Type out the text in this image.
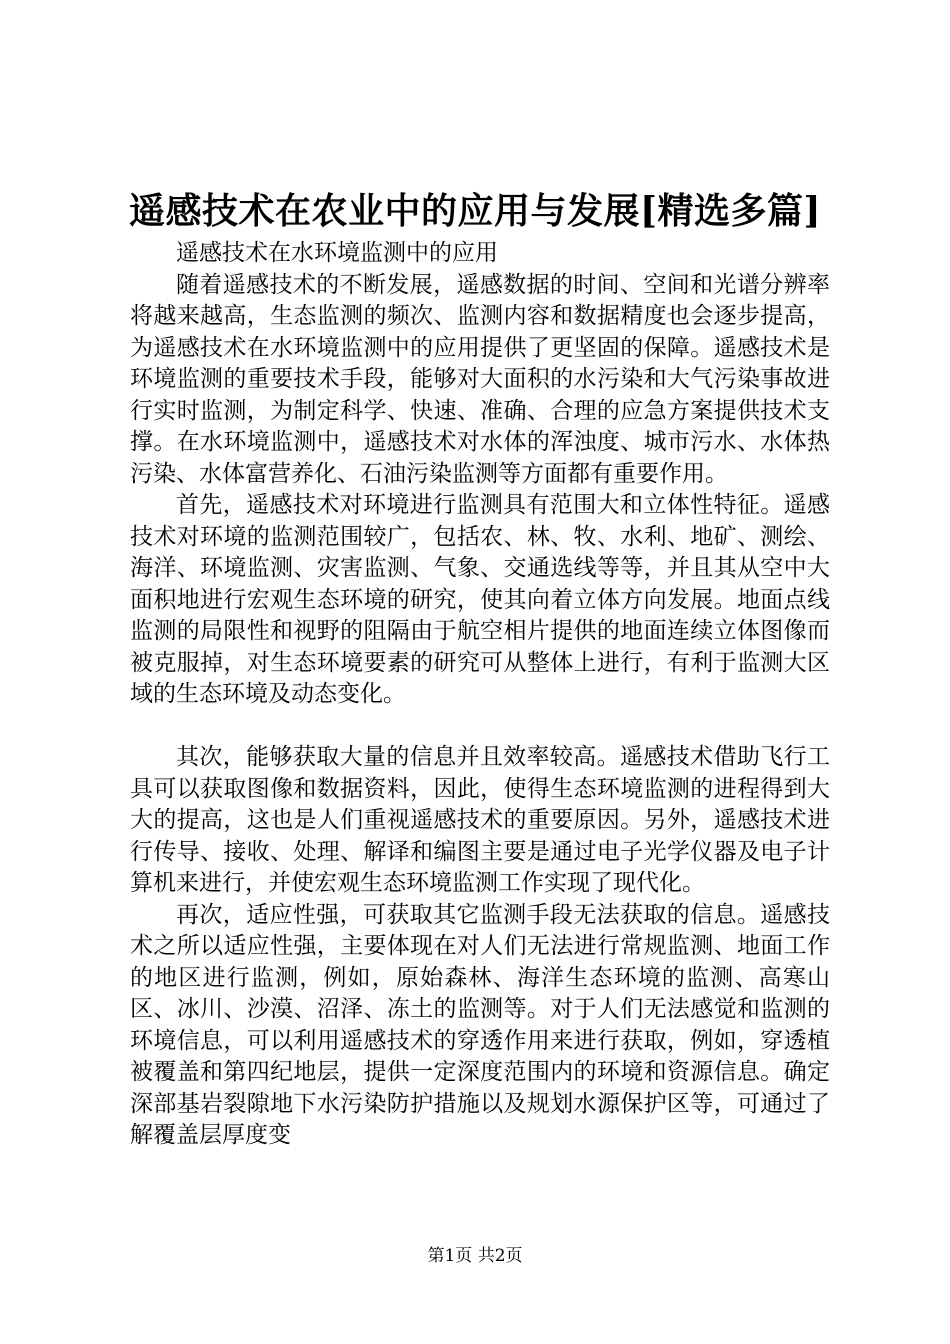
遥感技术在农业中的应用与发展[精选多篇]
遥感技术在水环境监测中的应用

随着遥感技术的不断发展，遥感数据的时间、空间和光谱分辨率将越来越高，生态监测的频次、监测内容和数据精度也会逐步提高，为遥感技术在水环境监测中的应用提供了更坚固的保障。遥感技术是环境监测的重要技术手段，能够对大面积的水污染和大气污染事故进行实时监测，为制定科学、快速、准确、合理的应急方案提供技术支撑。在水环境监测中，遥感技术对水体的浑浊度、城市污水、水体热污染、水体富营养化、石油污染监测等方面都有重要作用。

首先，遥感技术对环境进行监测具有范围大和立体性特征。遥感技术对环境的监测范围较广，包括农、林、牧、水利、地矿、测绘、海洋、环境监测、灾害监测、气象、交通选线等等，并且其从空中大面积地进行宏观生态环境的研究，使其向着立体方向发展。地面点线监测的局限性和视野的阻隔由于航空相片提供的地面连续立体图像而被克服掉，对生态环境要素的研究可从整体上进行，有利于监测大区域的生态环境及动态变化。

其次，能够获取大量的信息并且效率较高。遥感技术借助飞行工具可以获取图像和数据资料，因此，使得生态环境监测的进程得到大大的提高，这也是人们重视遥感技术的重要原因。另外，遥感技术进行传导、接收、处理、解译和编图主要是通过电子光学仪器及电子计算机来进行，并使宏观生态环境监测工作实现了现代化。

再次，适应性强，可获取其它监测手段无法获取的信息。遥感技术之所以适应性强，主要体现在对人们无法进行常规监测、地面工作的地区进行监测，例如，原始森林、海洋生态环境的监测、高寒山区、冰川、沙漠、沼泽、冻土的监测等。对于人们无法感觉和监测的环境信息，可以利用遥感技术的穿透作用来进行获取，例如，穿透植被覆盖和第四纪地层，提供一定深度范围内的环境和资源信息。确定深部基岩裂隙地下水污染防护措施以及规划水源保护区等，可通过了解覆盖层厚度变

第1页 共2页
